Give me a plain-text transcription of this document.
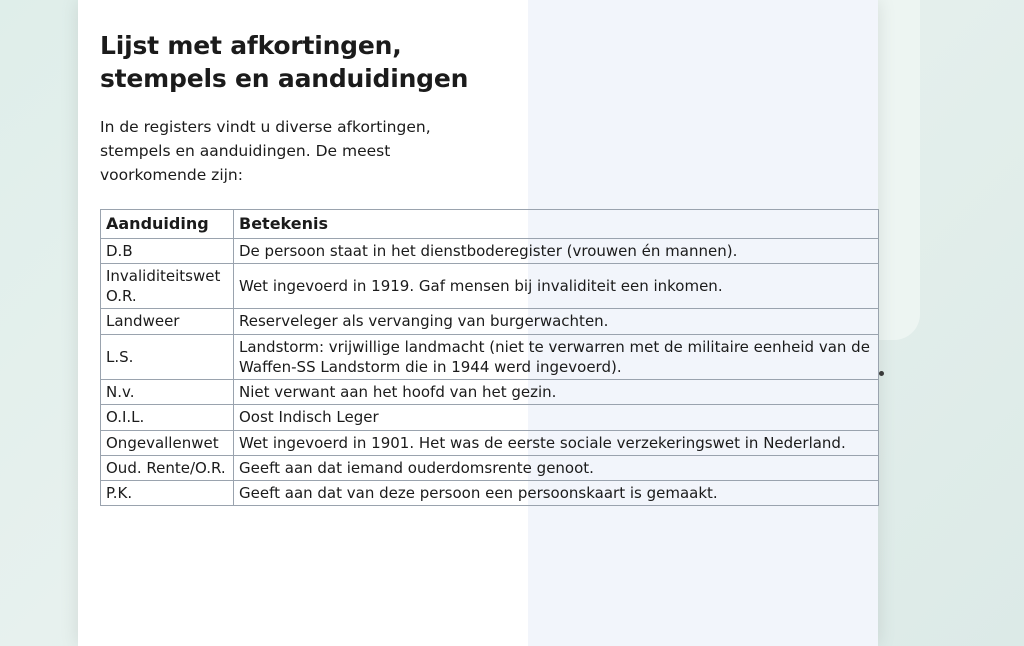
Lijst met afkortingen,
stempels en aanduidingen

In de registers vindt u diverse afkortingen, stempels en aanduidingen. De meest voorkomende zijn:

Aanduiding	Betekenis
D.B	De persoon staat in het dienstboderegister (vrouwen én mannen).
Invaliditeitswet O.R.	Wet ingevoerd in 1919. Gaf mensen bij invaliditeit een inkomen.
Landweer	Reserveleger als vervanging van burgerwachten.
L.S.	Landstorm: vrijwillige landmacht (niet te verwarren met de militaire eenheid van de Waffen-SS Landstorm die in 1944 werd ingevoerd).
N.v.	Niet verwant aan het hoofd van het gezin.
O.I.L.	Oost Indisch Leger
Ongevallenwet	Wet ingevoerd in 1901. Het was de eerste sociale verzekeringswet in Nederland.
Oud. Rente/O.R.	Geeft aan dat iemand ouderdomsrente genoot.
P.K.	Geeft aan dat van deze persoon een persoonskaart is gemaakt.
